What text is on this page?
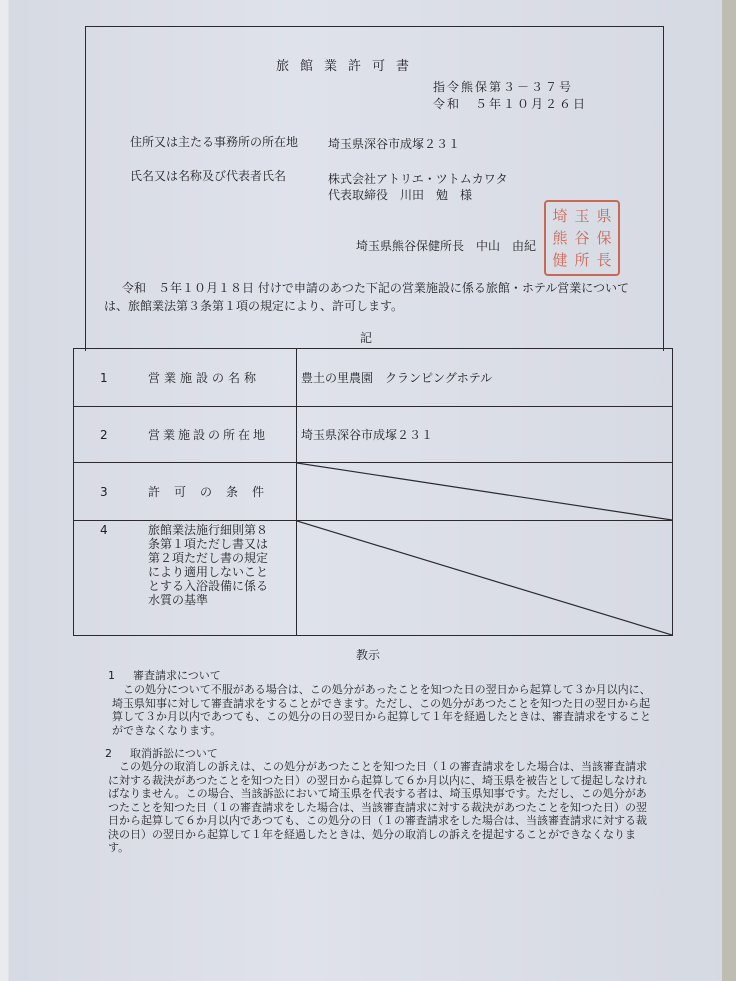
旅館業許可書
指令熊保第３－３７号
令和　５年１０月２６日
住所又は主たる事務所の所在地 埼玉県深谷市成塚２３１
氏名又は名称及び代表者氏名	株式会社アトリエ・ツトムカワタ
代表取締役　川田　勉　様
埼玉県熊谷保健所長　中山　由紀
埼 玉 県
熊 谷 保
健 所 長
令和　５年１０月１８日 付けで申請のあつた下記の営業施設に係る旅館・ホテル営業については、旅館業法第３条第１項の規定により、許可します。
記
1 営業施設の名称	豊土の里農園　クランピングホテル
2 営業施設の所在地	埼玉県深谷市成塚２３１
3 許可の条件	

4 旅館業法施行細則第８条第１項ただし書又は第２項ただし書の規定により適用しないこととする入浴設備に係る水質の基準

教示
1 審査請求について
この処分について不服がある場合は、この処分があったことを知つた日の翌日から起算して３か月以内に、埼玉県知事に対して審査請求をすることができます。ただし、この処分があつたことを知つた日の翌日から起算して３か月以内であつても、この処分の日の翌日から起算して１年を経過したときは、審査請求をすることができなくなります。
2 取消訴訟について
この処分の取消しの訴えは、この処分があつたことを知つた日（１の審査請求をした場合は、当該審査請求に対する裁決があつたことを知つた日）の翌日から起算して６か月以内に、埼玉県を被告として提起しなければなりません。この場合、当該訴訟において埼玉県を代表する者は、埼玉県知事です。ただし、この処分があつたことを知つた日（１の審査請求をした場合は、当該審査請求に対する裁決があつたことを知つた日）の翌日から起算して６か月以内であつても、この処分の日（１の審査請求をした場合は、当該審査請求に対する裁決の日）の翌日から起算して１年を経過したときは、処分の取消しの訴えを提起することができなくなります。
